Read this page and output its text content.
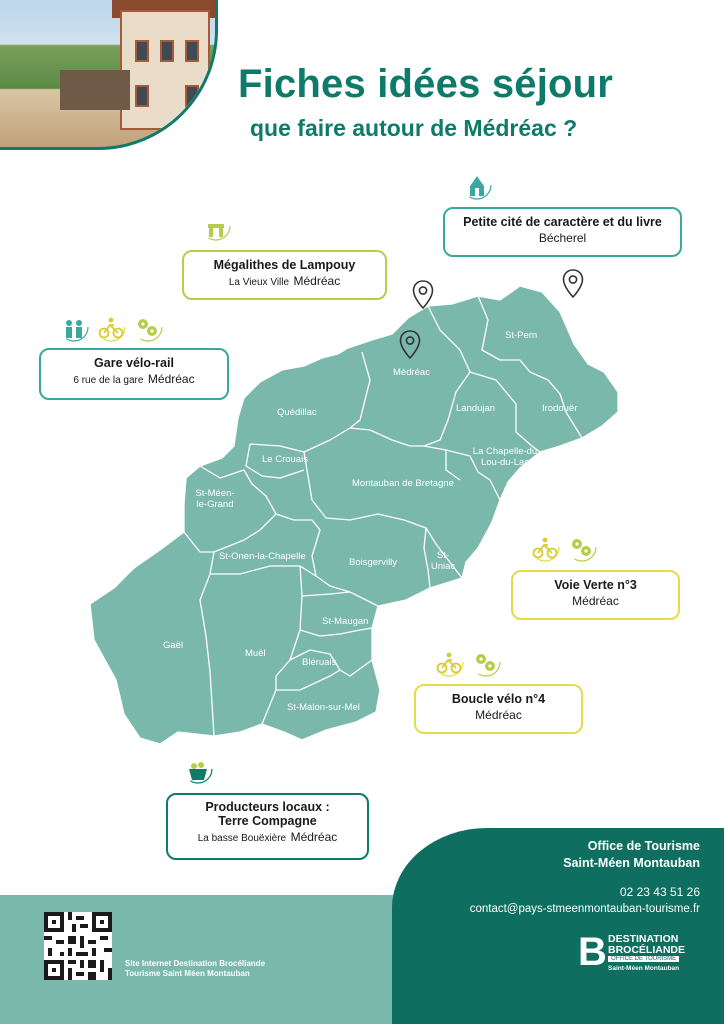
Fiches idées séjour
que faire autour de Médréac ?
Médréac
St-Pern
Quédillac	Landujan	Irodouër
Le Crouais
La Chapelle-du Lou-du-Lac
Montauban de Bretagne
St-Méen- le-Grand
St-Onen-la-Chapelle
Boisgervilly
St- Uniac
Gaël
Muël
St-Maugan
Bléruais
St-Malon-sur-Mel
Petite cité de caractère et du livre
Bécherel
Mégalithes de Lampouy
La Vieux Ville Médréac
Gare vélo-rail
6 rue de la gare Médréac
Voie Verte n°3
Médréac
Boucle vélo n°4
Médréac
Producteurs locaux :
Terre Compagne
La basse Bouëxière Médréac
Site Internet Destination Brocéliande
Tourisme Saint Méen Montauban
Office de Tourisme
Saint-Méen Montauban
02 23 43 51 26
contact@pays-stmeenmontauban-tourisme.fr
B DESTINATION
BROCÉLIANDE
OFFICE DE TOURISME
Saint-Méen Montauban
